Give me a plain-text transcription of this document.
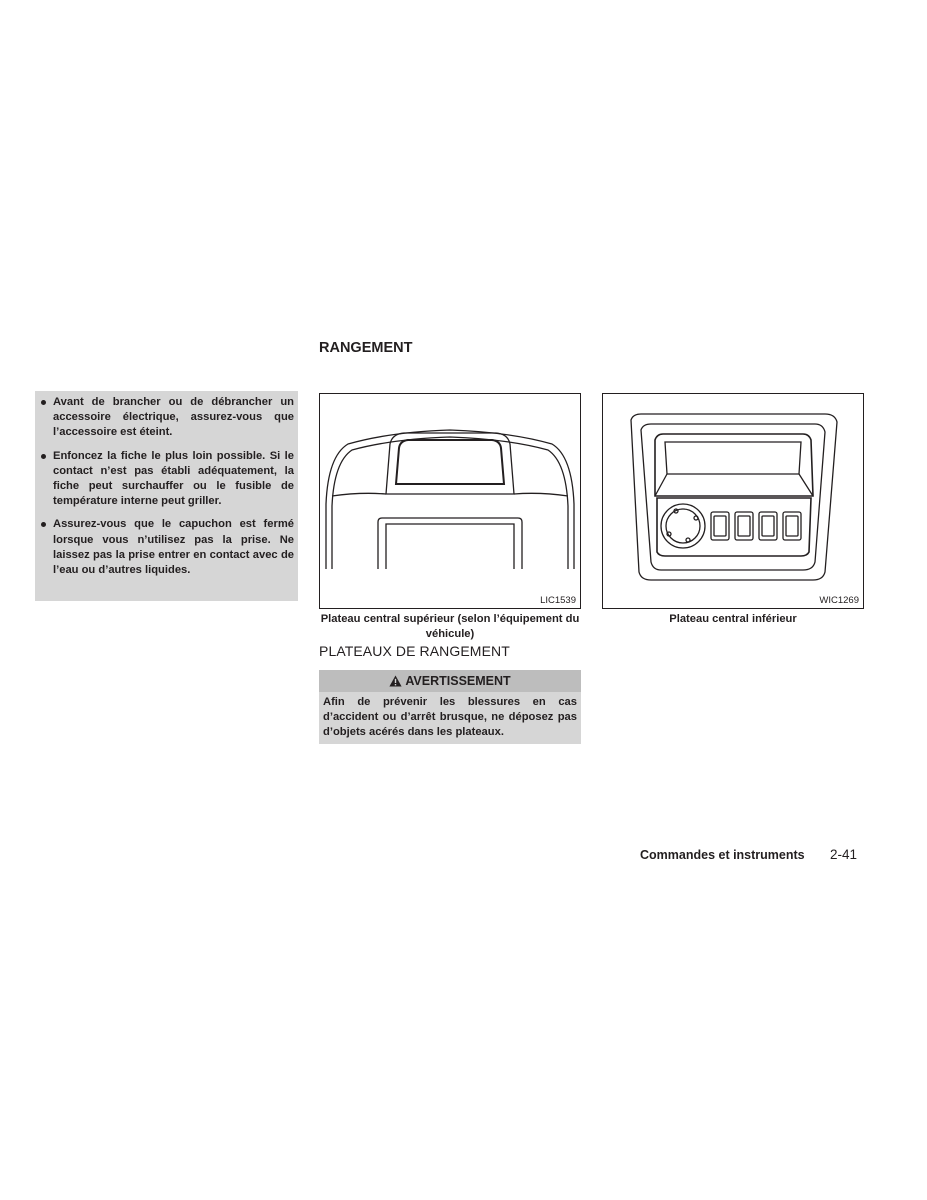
Avant de brancher ou de débrancher un accessoire électrique, assurez-vous que l’accessoire est éteint.
Enfoncez la fiche le plus loin possible. Si le contact n’est pas établi adéquatement, la fiche peut surchauffer ou le fusible de température interne peut griller.
Assurez-vous que le capuchon est fermé lorsque vous n’utilisez pas la prise. Ne laissez pas la prise entrer en contact avec de l’eau ou d’autres liquides.
RANGEMENT
LIC1539	WIC1269
Plateau central supérieur (selon l’équipement du véhicule)
Plateau central inférieur
PLATEAUX DE RANGEMENT
AVERTISSEMENT
Afin de prévenir les blessures en cas d’accident ou d’arrêt brusque, ne déposez pas d’objets acérés dans les plateaux.
Commandes et instruments 2-41
